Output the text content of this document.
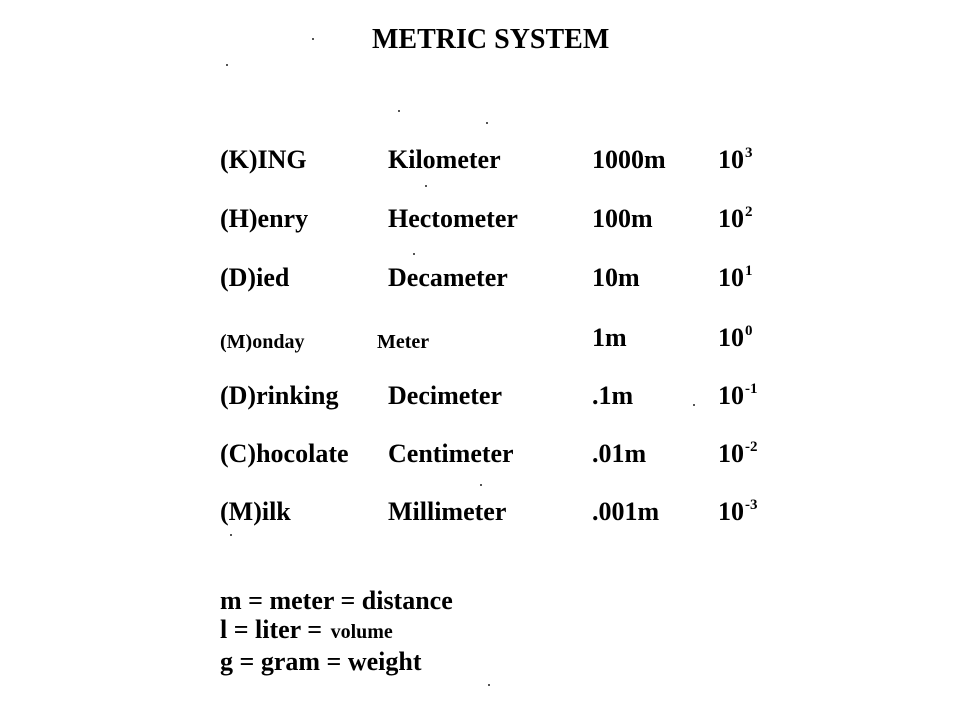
METRIC SYSTEM
(K)ING	Kilometer	1000m $10^3$
(H)enry	Hectometer	100m	$10^2$
(D)ied	Decameter	10m	$10^1$
(M)onday	Meter	1m	$10^0$
(D)rinking Decimeter	.1m	$10^{-1}$
(C)hocolate Centimeter	.01m	$10^{-2}$
(M)ilk	Millimeter	.001m $10^{-3}$
m = meter = distance
l = liter = volume
g = gram = weight
